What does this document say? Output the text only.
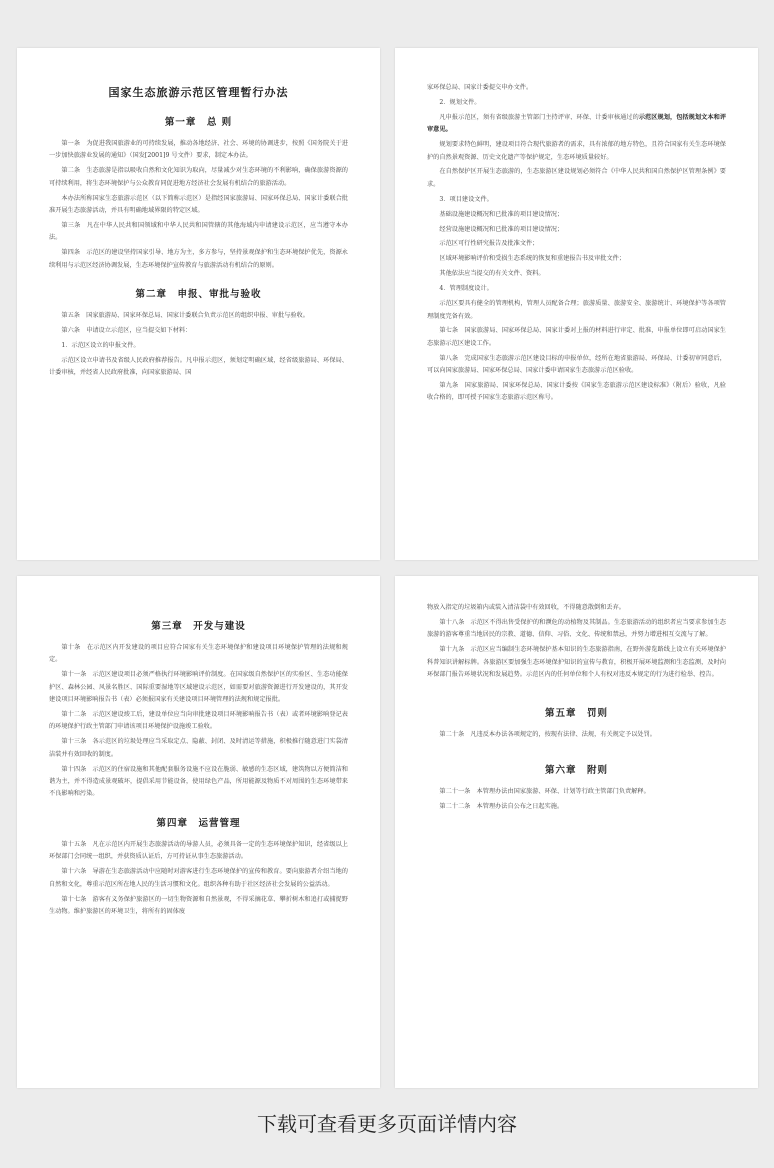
国家生态旅游示范区管理暂行办法
第一章　总 则

第一条　为促进我国旅游业的可持续发展，推动各地经济、社会、环境的协调进步，按照《国务院关于进一步加快旅游业发展的通知》（国发[2001]9 号文件）要求，制定本办法。

第二条　生态旅游是指以吸收自然和文化知识为取向，尽量减少对生态环境的不利影响，确保旅游资源的可持续利用，将生态环境保护与公众教育同促进地方经济社会发展有机结合的旅游活动。

本办法所称国家生态旅游示范区（以下简称示范区）是指经国家旅游局、国家环保总局、国家计委联合批准开展生态旅游活动，并具有明确地域界限的特定区域。

第三条　凡在中华人民共和国领域和中华人民共和国管辖的其他海域内申请建设示范区，应当遵守本办法。

第四条　示范区的建设坚持国家引导、地方为主，多方参与，坚持景观保护和生态环境保护优先，资源永续利用与示范区经济协调发展，生态环境保护宣传教育与旅游活动有机结合的原则。

第二章　申报、审批与验收

第五条　国家旅游局、国家环保总局、国家计委联合负责示范区的组织申报、审批与验收。

第六条　申请设立示范区，应当提交如下材料：

1．示范区设立的申报文件。

示范区设立申请书及省级人民政府推荐报告。凡申报示范区，须划定明确区域，经省级旅游局、环保局、计委审核，并经省人民政府批准，向国家旅游局、国

家环保总局、国家计委提交申办文件。

2．规划文件。

凡申报示范区，须有省级旅游主管部门主持评审、环保、计委审核通过的示范区规划，包括规划文本和评审意见。

规划要求特色鲜明，建设项目符合现代旅游者的需求，具有浓郁的地方特色，且符合国家有关生态环境保护的自然景观资源、历史文化遗产等保护规定，生态环境质量较好。

在自然保护区开展生态旅游的，生态旅游区建设规划必须符合《中华人民共和国自然保护区管理条例》要求。

3．项目建设文件。

基础设施建设概况和已批准的项目建设情况；

经营设施建设概况和已批准的项目建设情况；

示范区可行性研究报告及批准文件；

区域环境影响评价和受损生态系统的恢复和重建报告书及审批文件；

其他依法应当提交的有关文件、资料。

4．管理制度设计。

示范区要具有健全的管理机构，管理人员配备合理；旅游质量、旅游安全、旅游统计、环境保护等各项管理制度完备有效。

第七条　国家旅游局、国家环保总局、国家计委对上报的材料进行审定、批准，申报单位即可启动国家生态旅游示范区建设工作。

第八条　完成国家生态旅游示范区建设目标的申报单位，经所在地省旅游局、环保局、计委初审同意后，可以向国家旅游局、国家环保总局、国家计委申请国家生态旅游示范区验收。

第九条　国家旅游局、国家环保总局、国家计委按《国家生态旅游示范区建设标准》（附后）验收，凡验收合格的，即可授予国家生态旅游示范区称号。

第三章　开发与建设

第十条　在示范区内开发建设的项目应符合国家有关生态环境保护和建设项目环境保护管理的法规和规定。

第十一条　示范区建设项目必须严格执行环境影响评价制度。在国家级自然保护区的实验区、生态功能保护区、森林公园、风景名胜区、国际重要湿地等区域建设示范区，如需要对旅游资源进行开发建设的，其开发建设项目环境影响报告书（表）必须报国家有关建设项目环境管理的法规和规定报批。

第十二条　示范区建设竣工后，建设单位应当向审批建设项目环境影响报告书（表）或者环境影响登记表的环境保护行政主管部门申请该项目环境保护设施竣工验收。

第十三条　各示范区的垃圾处理应当采取定点、隐蔽、封闭、及时清运等措施，积极推行随意进门实袋清洁装并有效回收的制度。

第十四条　示范区的住宿设施和其他配套服务设施不应设在脆弱、敏感的生态区域，建筑物以方便简洁和谐为主，并不得造成景观破坏，提倡采用节能设备，使用绿色产品，所用能源及物质不对周围的生态环境带来不良影响和污染。

第四章　运营管理

第十五条　凡在示范区内开展生态旅游活动的导游人员，必须具备一定的生态环境保护知识，经省级以上环保部门会同统一组织，并获资质认证后，方可持证从事生态旅游活动。

第十六条　导游在生态旅游活动中应随时对游客进行生态环境保护的宣传和教育。要向旅游者介绍当地的自然和文化，尊重示范区所在地人民的生活习惯和文化。组织各种有助于社区经济社会发展的公益活动。

第十七条　游客有义务保护旅游区的一切生物资源和自然景观，不得采摘花草、攀折树木和追打或捕捉野生动物。维护旅游区的环境卫生，将所有的固体废

物放入指定的垃圾箱内或装入清洁袋中有效回收，不得随意散倒和丢弃。

第十八条　示范区不得出售受保护的和濒危的动植物及其制品。生态旅游活动的组织者应当要求参加生态旅游的游客尊重当地居民的宗教、道德、信仰、习俗、文化、传统和禁忌，并努力增进相互交流与了解。

第十九条　示范区应当编制生态环境保护基本知识的生态旅游指南，在野外游览路线上设立有关环境保护科普知识讲解标牌。各旅游区要加强生态环境保护知识的宣传与教育，积极开展环境监测和生态监测，及时向环保部门报告环境状况和发展趋势。示范区内的任何单位和个人有权对违反本规定的行为进行检举、控告。

第五章　罚则

第二十条　凡违反本办法各项规定的，按现有法律、法规，有关规定予以处罚。

第六章　附则

第二十一条　本管理办法由国家旅游、环保、计划等行政主管部门负责解释。

第二十二条　本管理办法自公布之日起实施。

下载可查看更多页面详情内容
